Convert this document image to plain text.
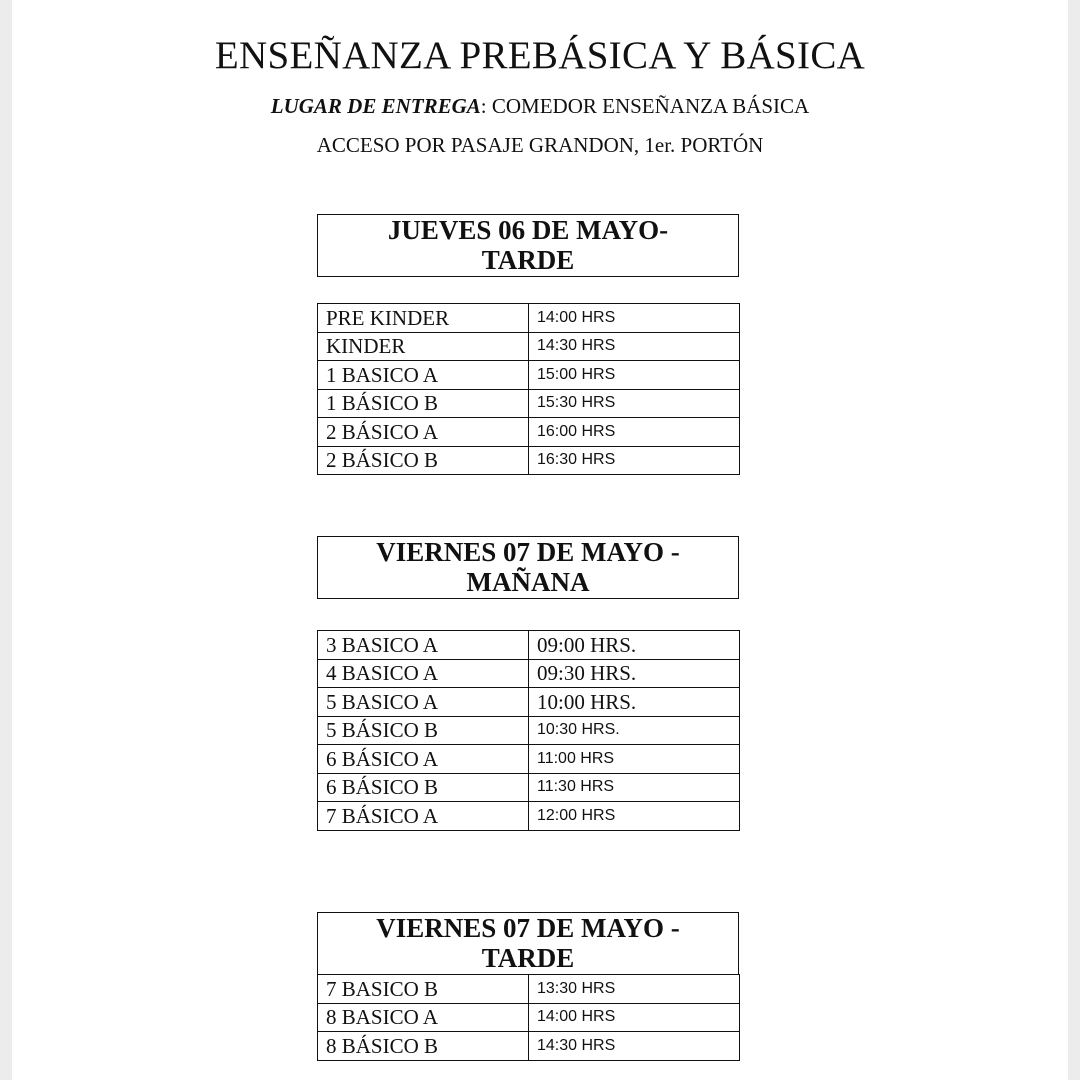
ENSEÑANZA PREBÁSICA Y BÁSICA
LUGAR DE ENTREGA: COMEDOR ENSEÑANZA BÁSICA
ACCESO POR PASAJE GRANDON, 1er. PORTÓN
JUEVES 06 DE MAYO-
TARDE
PRE KINDER	14:00 HRS
KINDER	14:30 HRS
1 BASICO A	15:00 HRS
1 BÁSICO B	15:30 HRS
2 BÁSICO A	16:00 HRS
2 BÁSICO B	16:30 HRS
VIERNES 07 DE MAYO -
MAÑANA
3 BASICO A	09:00 HRS.
4 BASICO A	09:30 HRS.
5 BASICO A	10:00 HRS.
5 BÁSICO B	10:30 HRS.
6 BÁSICO A	11:00 HRS
6 BÁSICO B	11:30 HRS
7 BÁSICO A	12:00 HRS
VIERNES 07 DE MAYO -
TARDE
7 BASICO B	13:30 HRS
8 BASICO A	14:00 HRS
8 BÁSICO B	14:30 HRS
